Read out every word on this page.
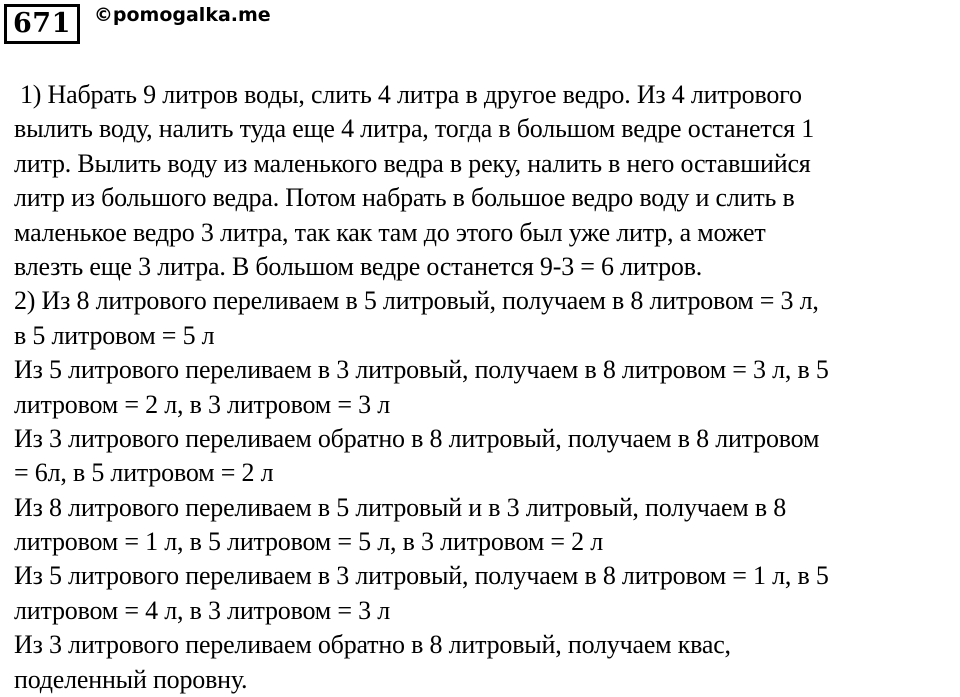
671	©pomogalka.me
1) Набрать 9 литров воды, слить 4 литра в другое ведро. Из 4 литрового
вылить воду, налить туда еще 4 литра, тогда в большом ведре останется 1
литр. Вылить воду из маленького ведра в реку, налить в него оставшийся
литр из большого ведра. Потом набрать в большое ведро воду и слить в
маленькое ведро 3 литра, так как там до этого был уже литр, а может
влезть еще 3 литра. В большом ведре останется 9-3 = 6 литров.
2) Из 8 литрового переливаем в 5 литровый, получаем в 8 литровом = 3 л,
в 5 литровом = 5 л
Из 5 литрового переливаем в 3 литровый, получаем в 8 литровом = 3 л, в 5
литровом = 2 л, в 3 литровом = 3 л
Из 3 литрового переливаем обратно в 8 литровый, получаем в 8 литровом
= 6л, в 5 литровом = 2 л
Из 8 литрового переливаем в 5 литровый и в 3 литровый, получаем в 8
литровом = 1 л, в 5 литровом = 5 л, в 3 литровом = 2 л
Из 5 литрового переливаем в 3 литровый, получаем в 8 литровом = 1 л, в 5
литровом = 4 л, в 3 литровом = 3 л
Из 3 литрового переливаем обратно в 8 литровый, получаем квас,
поделенный поровну.
